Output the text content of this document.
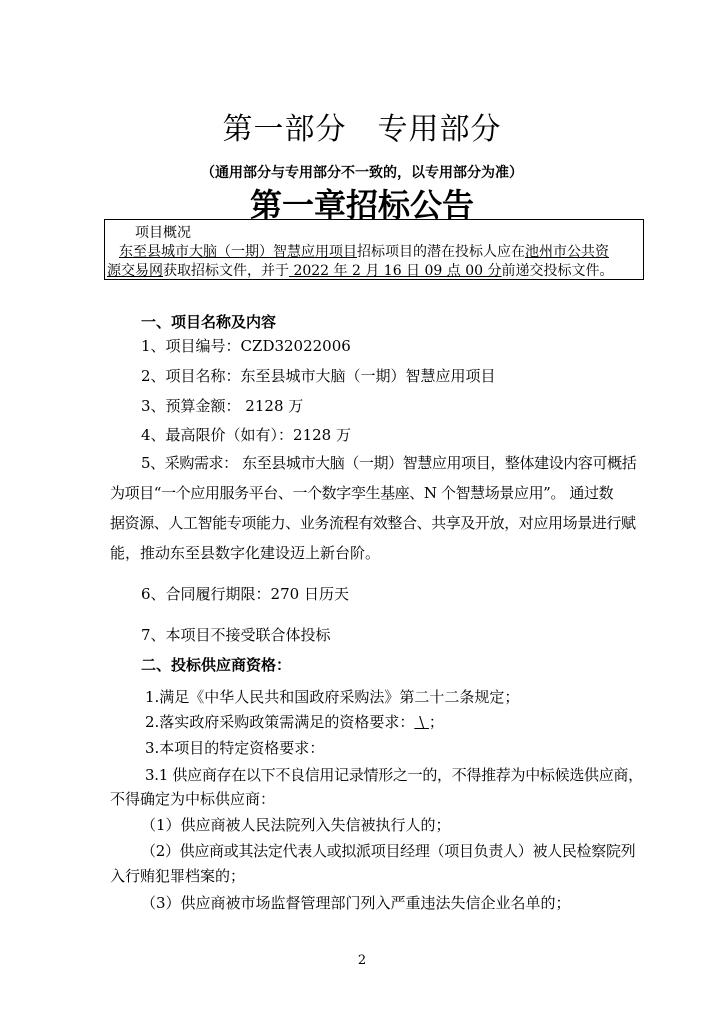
第一部分　专用部分
（通用部分与专用部分不一致的，以专用部分为准）
第一章招标公告
项目概况
东至县城市大脑（一期）智慧应用项目招标项目的潜在投标人应在池州市公共资
源交易网获取招标文件，并于 2022 年 2 月 16 日 09 点 00 分前递交投标文件。
一、项目名称及内容
1、项目编号：CZD32022006
2、项目名称：东至县城市大脑（一期）智慧应用项目
3、预算金额： 2128 万
4、最高限价（如有）：2128 万
5、采购需求： 东至县城市大脑（一期）智慧应用项目，整体建设内容可概括
为项目“一个应用服务平台、一个数字孪生基座、N 个智慧场景应用”。 通过数
据资源、人工智能专项能力、业务流程有效整合、共享及开放，对应用场景进行赋
能，推动东至县数字化建设迈上新台阶。
6、合同履行期限：270 日历天
7、本项目不接受联合体投标
二、投标供应商资格：
1.满足《中华人民共和国政府采购法》第二十二条规定；
2.落实政府采购政策需满足的资格要求： \ ；
3.本项目的特定资格要求：
3.1 供应商存在以下不良信用记录情形之一的，不得推荐为中标候选供应商，
不得确定为中标供应商：
（1）供应商被人民法院列入失信被执行人的；
（2）供应商或其法定代表人或拟派项目经理（项目负责人）被人民检察院列
入行贿犯罪档案的；
（3）供应商被市场监督管理部门列入严重违法失信企业名单的；
2
